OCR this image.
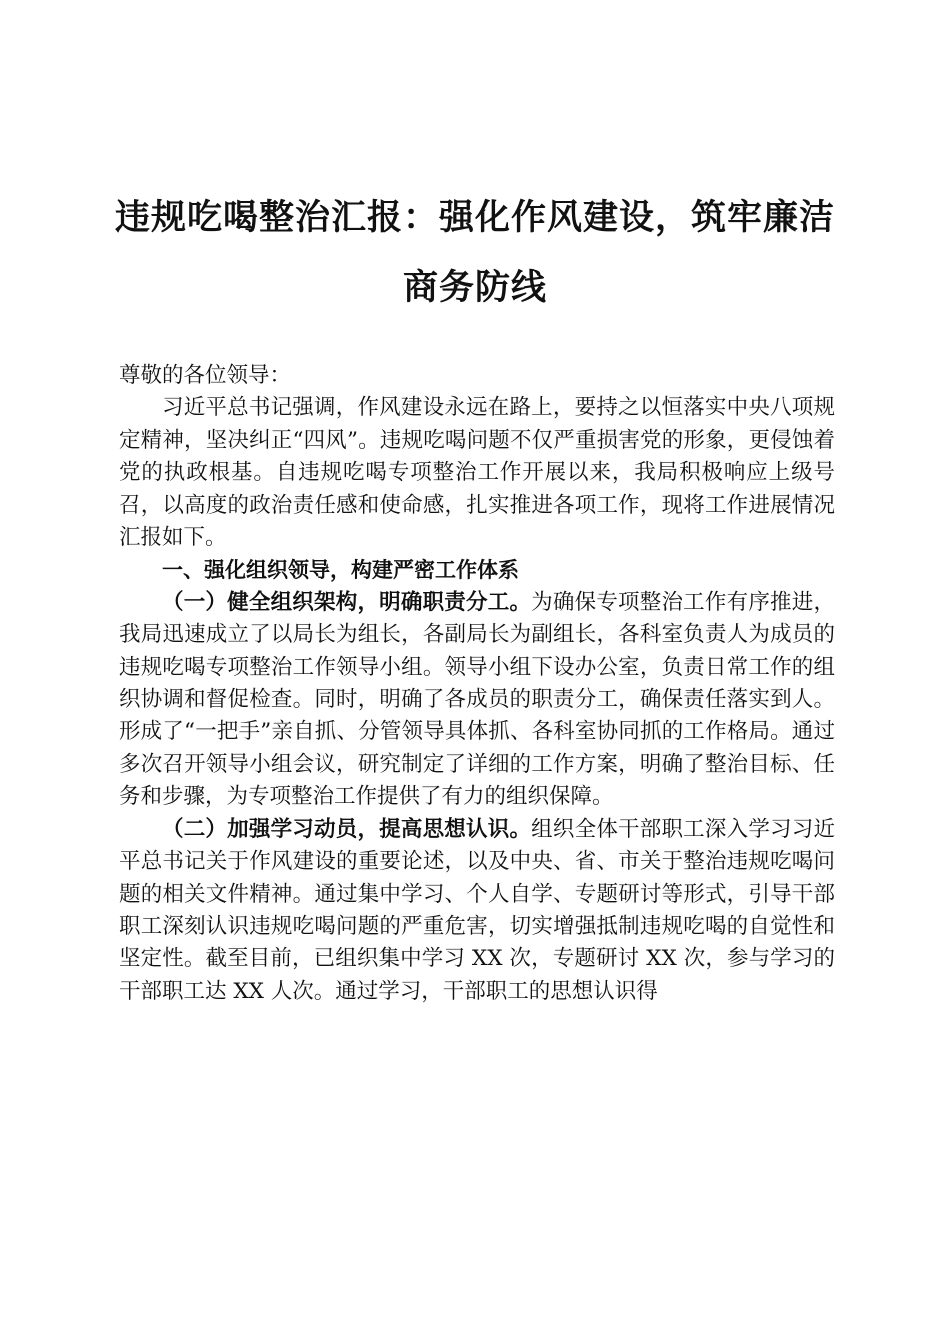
违规吃喝整治汇报：强化作风建设，筑牢廉洁
商务防线

尊敬的各位领导：

习近平总书记强调，作风建设永远在路上，要持之以恒落实中央八项规定精神，坚决纠正“四风”。违规吃喝问题不仅严重损害党的形象，更侵蚀着党的执政根基。自违规吃喝专项整治工作开展以来，我局积极响应上级号召，以高度的政治责任感和使命感，扎实推进各项工作，现将工作进展情况汇报如下。

一、强化组织领导，构建严密工作体系

（一）健全组织架构，明确职责分工。为确保专项整治工作有序推进，我局迅速成立了以局长为组长，各副局长为副组长，各科室负责人为成员的违规吃喝专项整治工作领导小组。领导小组下设办公室，负责日常工作的组织协调和督促检查。同时，明确了各成员的职责分工，确保责任落实到人。形成了“一把手”亲自抓、分管领导具体抓、各科室协同抓的工作格局。通过多次召开领导小组会议，研究制定了详细的工作方案，明确了整治目标、任务和步骤，为专项整治工作提供了有力的组织保障。

（二）加强学习动员，提高思想认识。组织全体干部职工深入学习习近平总书记关于作风建设的重要论述，以及中央、省、市关于整治违规吃喝问题的相关文件精神。通过集中学习、个人自学、专题研讨等形式，引导干部职工深刻认识违规吃喝问题的严重危害，切实增强抵制违规吃喝的自觉性和坚定性。截至目前，已组织集中学习 XX 次，专题研讨 XX 次，参与学习的干部职工达 XX 人次。通过学习，干部职工的思想认识得
